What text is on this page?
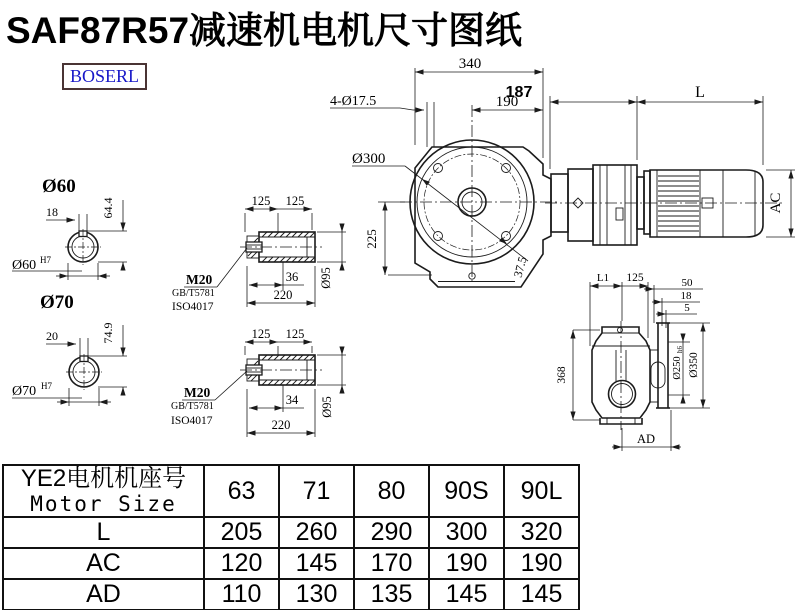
SAF87R57减速机电机尺寸图纸
BOSERL
Ø60
18	64.4
Ø60 H7
Ø70
20	74.9
Ø70 H7
125 125
M20
GB/T5781
ISO4017
36
220
Ø95
125 125
M20
GB/T5781
ISO4017
34
220
Ø95
Ø300
4-Ø17.5
340
190
225
37.5
187	L
AC
L1 125	50
18
5
368	Ø250
h6
Ø350
AD
YE2电机机座号
Motor Size	63	71	80	90S	90L
L	205	260	290	300	320
AC	120	145	170	190	190
AD	110	130	135	145	145
